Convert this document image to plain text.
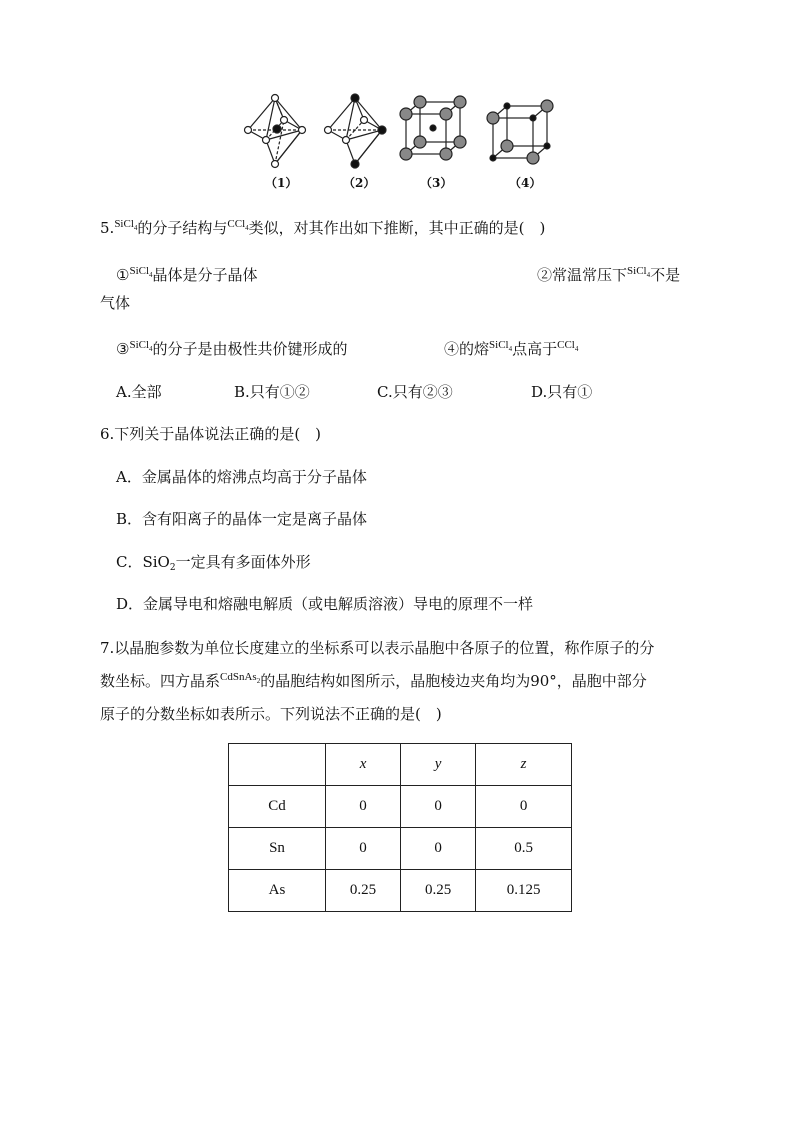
（1）	（2）	（3）	（4）
5.$^{SiCl_4}$的分子结构与$^{CCl_4}$类似，对其作出如下推断，其中正确的是(　)
①$^{SiCl_4}$晶体是分子晶体	②常温常压下$^{SiCl_4}$不是
气体
③$^{SiCl_4}$的分子是由极性共价键形成的	④的熔$^{SiCl_4}$点高于$^{CCl_4}$
A.全部	B.只有①②	C.只有②③	D.只有①
6.下列关于晶体说法正确的是(　)
A．金属晶体的熔沸点均高于分子晶体
B．含有阳离子的晶体一定是离子晶体
C．SiO$_2$一定具有多面体外形
D．金属导电和熔融电解质（或电解质溶液）导电的原理不一样
7.以晶胞参数为单位长度建立的坐标系可以表示晶胞中各原子的位置，称作原子的分
数坐标。四方晶系$^{CdSnAs_2}$的晶胞结构如图所示，晶胞棱边夹角均为90°，晶胞中部分
原子的分数坐标如表所示。下列说法不正确的是(　)
	x	y	z
Cd	0	0	0
Sn	0	0	0.5
As	0.25	0.25	0.125
